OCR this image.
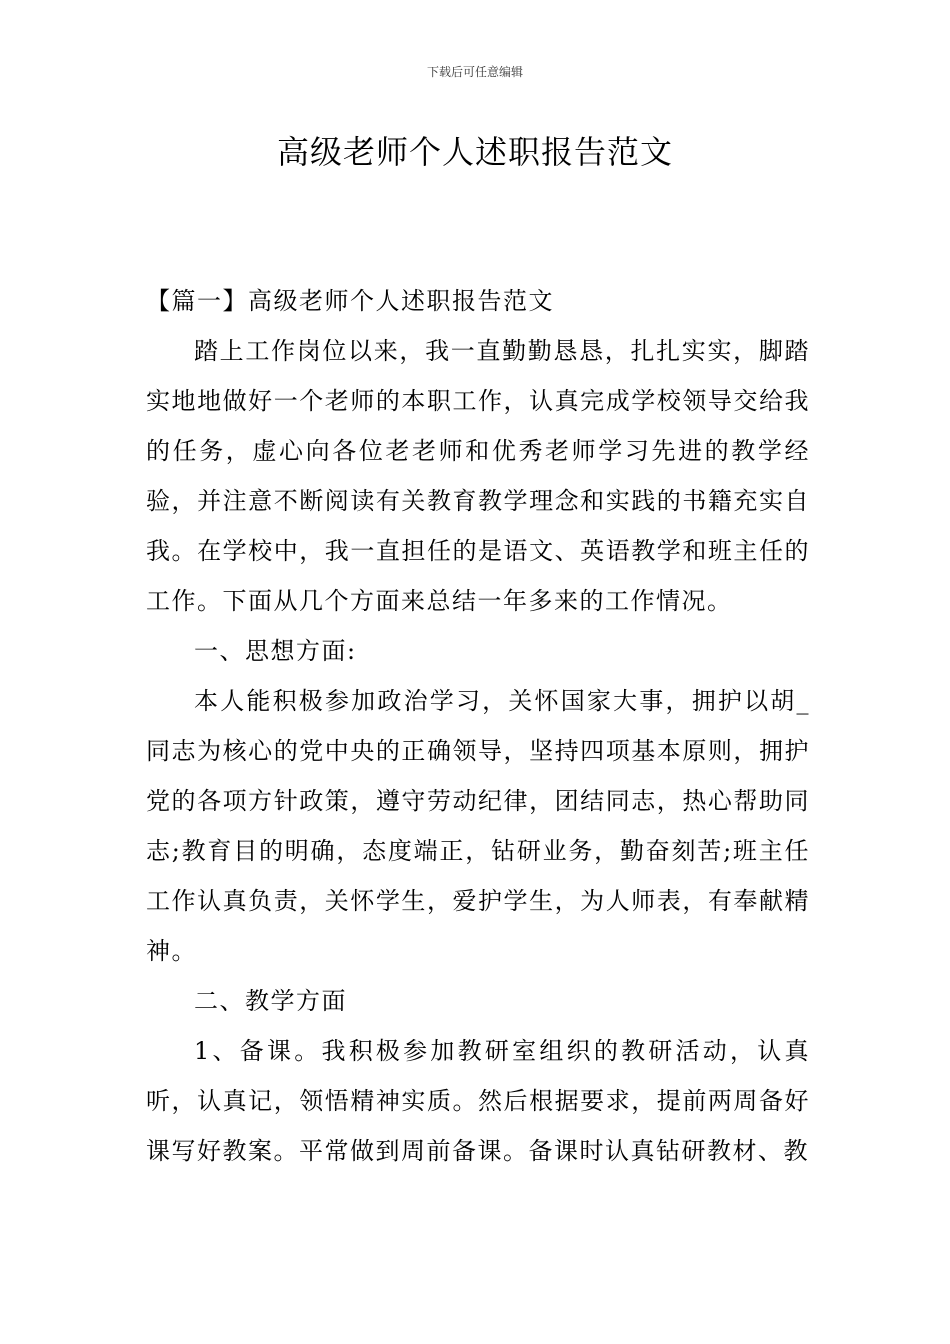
下载后可任意编辑
高级老师个人述职报告范文

【篇一】高级老师个人述职报告范文

踏上工作岗位以来，我一直勤勤恳恳，扎扎实实，脚踏实地地做好一个老师的本职工作，认真完成学校领导交给我的任务，虚心向各位老老师和优秀老师学习先进的教学经验，并注意不断阅读有关教育教学理念和实践的书籍充实自我。在学校中，我一直担任的是语文、英语教学和班主任的工作。下面从几个方面来总结一年多来的工作情况。

一、思想方面:

本人能积极参加政治学习，关怀国家大事，拥护以胡_同志为核心的党中央的正确领导，坚持四项基本原则，拥护党的各项方针政策，遵守劳动纪律，团结同志，热心帮助同志;教育目的明确，态度端正，钻研业务，勤奋刻苦;班主任工作认真负责，关怀学生，爱护学生，为人师表，有奉献精神。

二、教学方面

1、备课。我积极参加教研室组织的教研活动，认真听，认真记，领悟精神实质。然后根据要求，提前两周备好课写好教案。平常做到周前备课。备课时认真钻研教材、教
